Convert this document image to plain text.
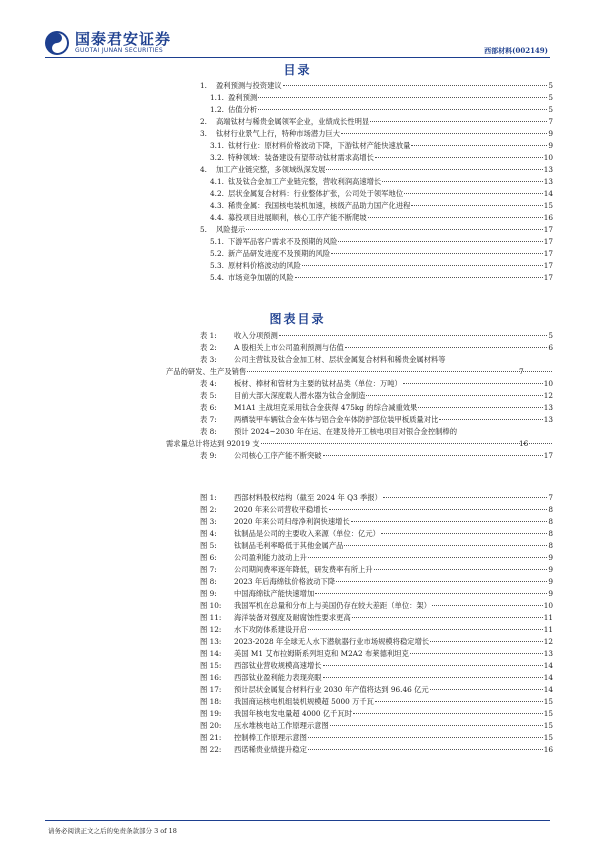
国泰君安证券
GUOTAI JUNAN SECURITIES	西部材料(002149)
目录
1.	盈利预测与投资建议	5
1.1. 盈利预测	5
1.2. 估值分析	5
2.	高端钛材与稀贵金属领军企业，业绩成长性明显	7
3.	钛材行业景气上行，特种市场潜力巨大	9
3.1. 钛材行业：原材料价格波动下降，下游钛材产能快速放量	9
3.2. 特种领域：装备建设有望带动钛材需求高增长	10
4.	加工产业链完整，多领域纵深发展	13
4.1. 钛及钛合金加工产业链完整，营收利润高速增长	13
4.2. 层状金属复合材料：行业整体扩张，公司处于领军地位	14
4.3. 稀贵金属：我国核电装机加速，核级产品助力国产化进程	15
4.4. 募投项目进展顺利，核心工序产能不断爬坡	16
5.	风险提示	17
5.1. 下游军品客户需求不及预期的风险	17
5.2. 新产品研发进度不及预期的风险	17
5.3. 原材料价格波动的风险	17
5.4. 市场竞争加剧的风险	17
图表目录
表 1:	收入分项预测	5
表 2:	A 股相关上市公司盈利预测与估值	6
表 3: 公司主营钛及钛合金加工材、层状金属复合材料和稀贵金属材料等
产品的研发、生产及销售	7
表 4:	板材、棒材和管材为主要的钛材品类（单位：万吨）	10
表 5:	目前大部大深度载人潜水器为钛合金制造	12
表 6:	M1A1 主战坦克采用钛合金获得 475kg 的综合减重效果	13
表 7:	两栖装甲车辆钛合金车体与铝合金车体防护部位装甲板质量对比	13
表 8: 预计 2024~2030 年在运、在建及待开工核电项目对银合金控制棒的
需求量总计将达到 92019 支	16
表 9:	公司核心工序产能不断突破	17
图 1:	西部材料股权结构（截至 2024 年 Q3 季报）	7
图 2:	2020 年来公司营收平稳增长	8
图 3:	2020 年来公司归母净利润快速增长	8
图 4:	钛制品是公司的主要收入来源（单位：亿元）	8
图 5:	钛制品毛利率略低于其他金属产品	8
图 6:	公司盈利能力波动上升	9
图 7:	公司期间费率逐年降低，研发费率有所上升	9
图 8:	2023 年后海绵钛价格波动下降	9
图 9:	中国海绵钛产能快速增加	9
图 10:	我国军机在总量和分布上与美国仍存在较大差距（单位：架）	10
图 11:	海洋装备对强度及耐腐蚀性要求更高	11
图 12:	水下攻防体系建设开启	11
图 13:	2023-2028 年全球无人水下潜航器行业市场规模将稳定增长	12
图 14:	美国 M1 艾布拉姆斯系列坦克和 M2A2 布莱德利坦克	13
图 15:	西部钛业营收规模高速增长	14
图 16:	西部钛业盈利能力表现亮眼	14
图 17:	预计层状金属复合材料行业 2030 年产值将达到 96.46 亿元	14
图 18:	我国商运核电机组装机规模超 5000 万千瓦	15
图 19:	我国年核电发电量超 4000 亿千瓦时	15
图 20:	压水堆核电站工作原理示意图	15
图 21:	控制棒工作原理示意图	15
图 22:	西诺稀贵业绩提升稳定	16
请务必阅读正文之后的免责条款部分 3 of 18
